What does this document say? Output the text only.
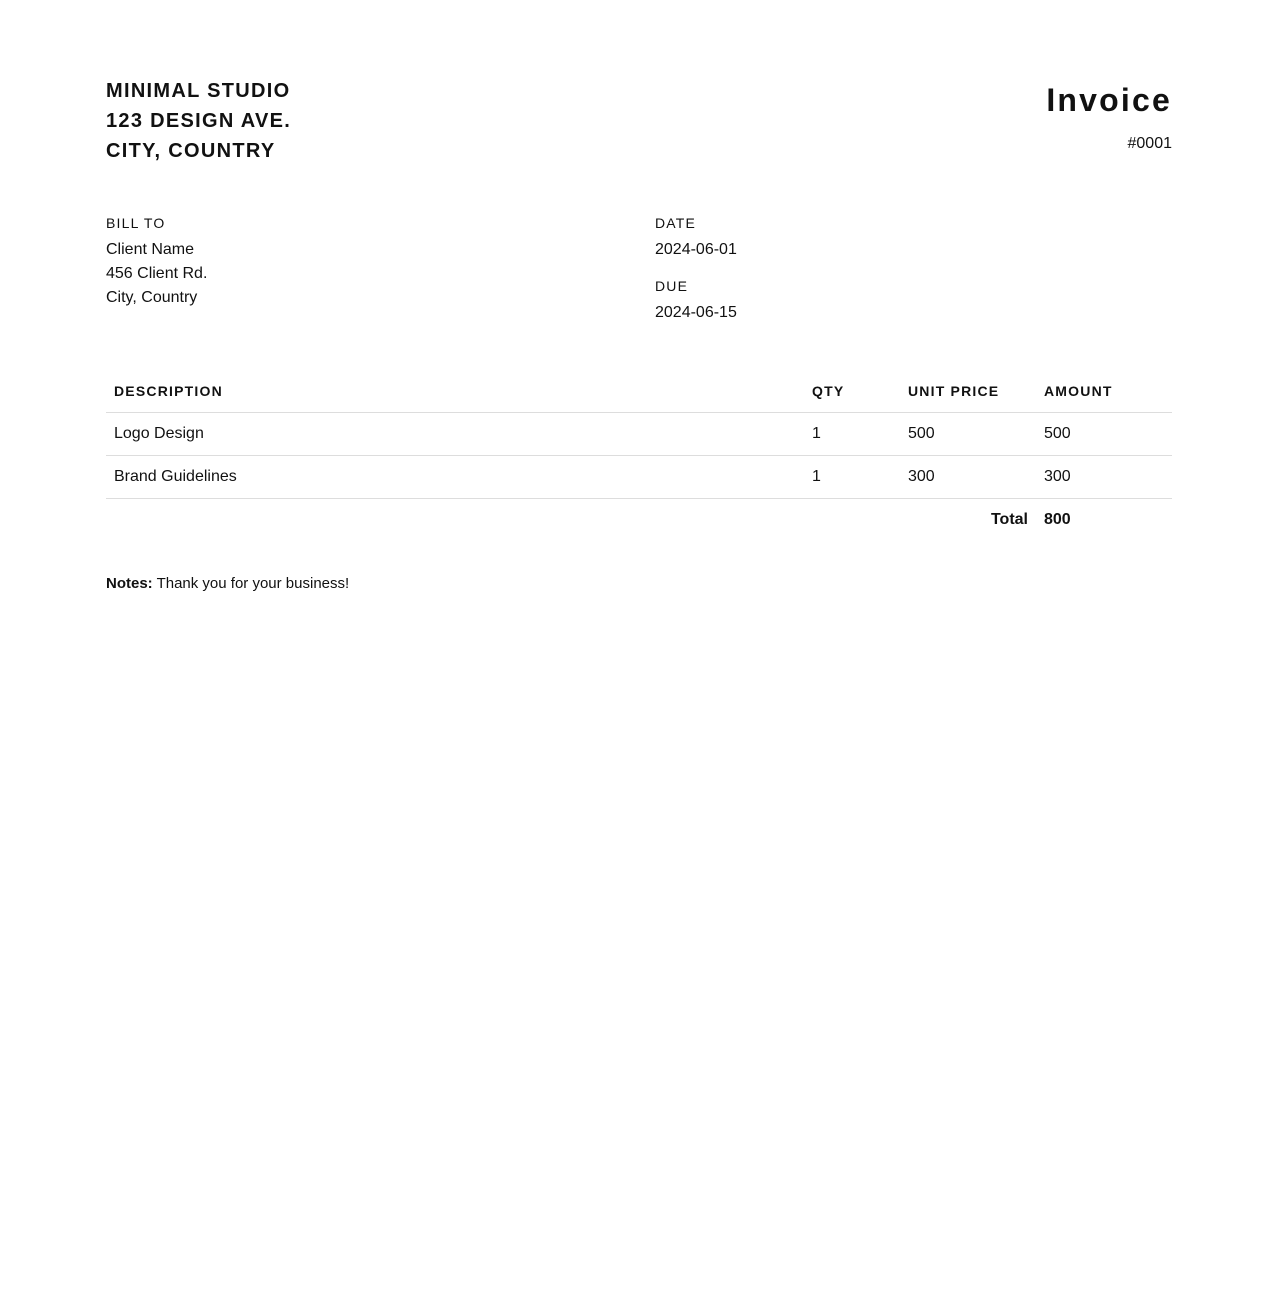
MINIMAL STUDIO
123 DESIGN AVE.
CITY, COUNTRY
Invoice
#0001
BILL TO
Client Name
456 Client Rd.
City, Country
DATE
2024-06-01
DUE
2024-06-15
DESCRIPTION	QTY	UNIT PRICE	AMOUNT
Logo Design	1	500	500
Brand Guidelines	1	300	300
Total			800
Notes: Thank you for your business!
